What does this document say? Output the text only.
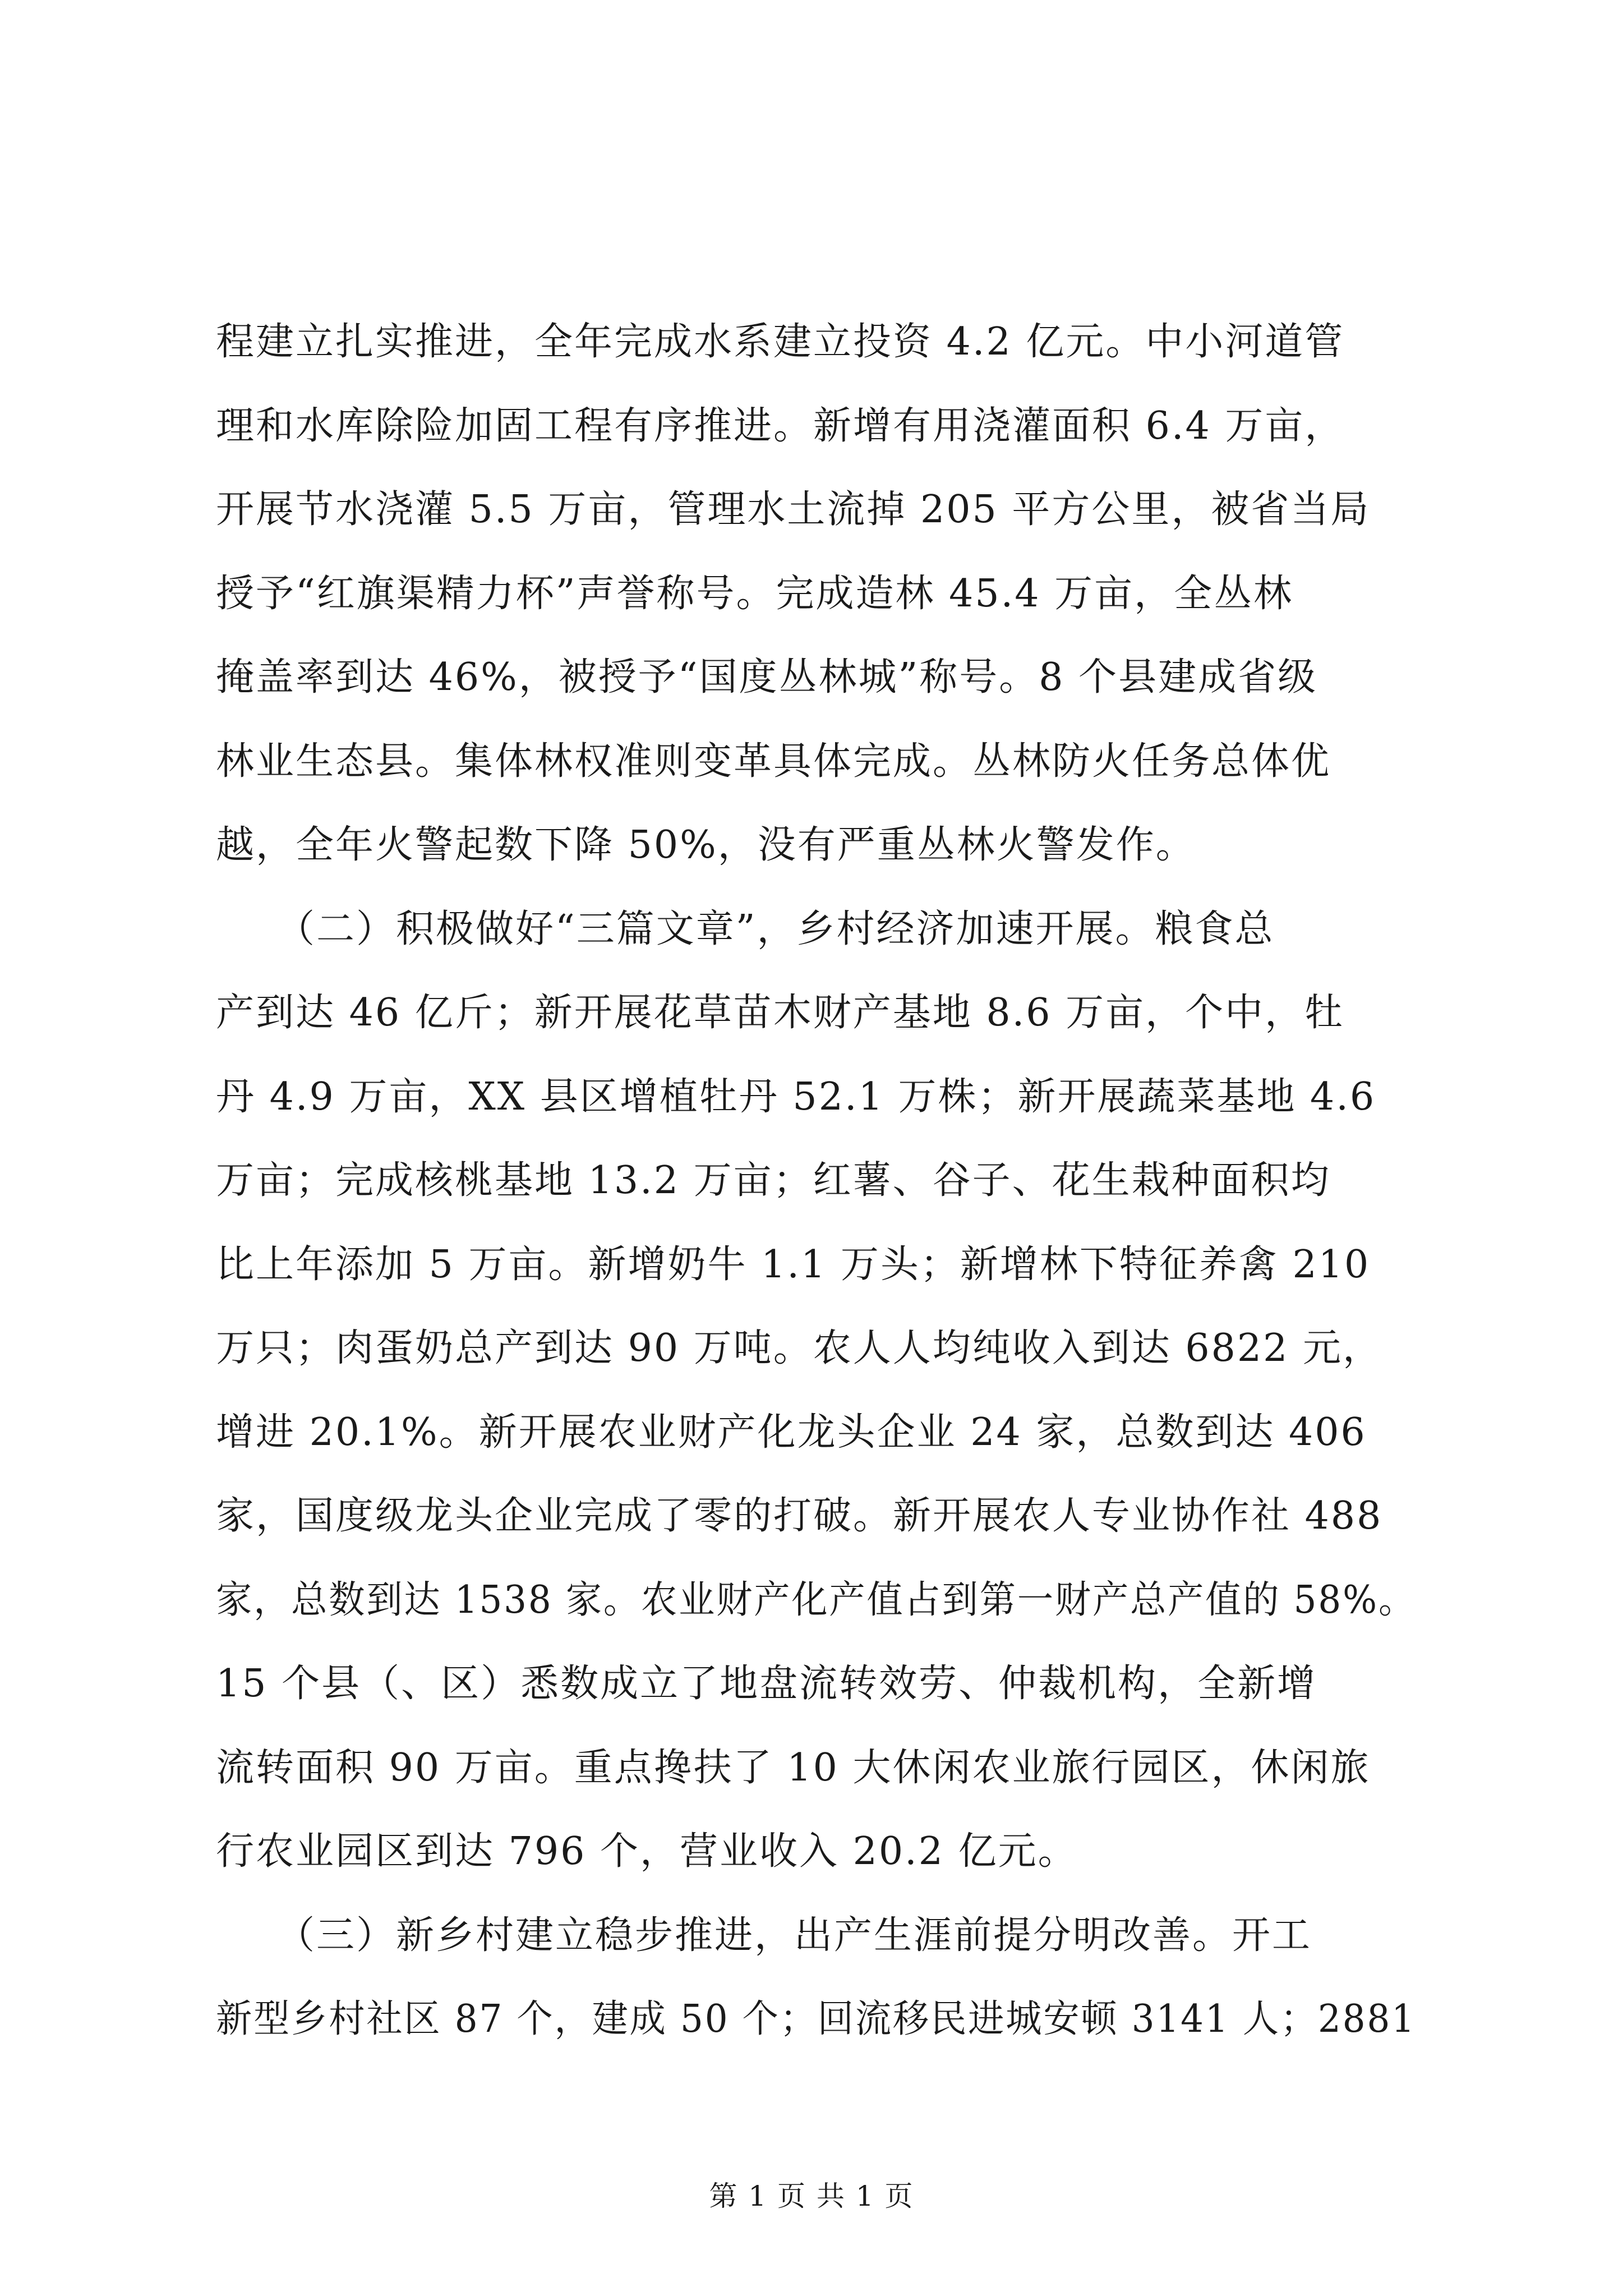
程建立扎实推进，全年完成水系建立投资 4.2 亿元。中小河道管
理和水库除险加固工程有序推进。新增有用浇灌面积 6.4 万亩，
开展节水浇灌 5.5 万亩，管理水土流掉 205 平方公里，被省当局
授予“红旗渠精力杯”声誉称号。完成造林 45.4 万亩，全丛林
掩盖率到达 46%，被授予“国度丛林城”称号。8 个县建成省级
林业生态县。集体林权准则变革具体完成。丛林防火任务总体优
越，全年火警起数下降 50%，没有严重丛林火警发作。
　　（二）积极做好“三篇文章”，乡村经济加速开展。粮食总
产到达 46 亿斤；新开展花草苗木财产基地 8.6 万亩，个中，牡
丹 4.9 万亩，XX 县区增植牡丹 52.1 万株；新开展蔬菜基地 4.6
万亩；完成核桃基地 13.2 万亩；红薯、谷子、花生栽种面积均
比上年添加 5 万亩。新增奶牛 1.1 万头；新增林下特征养禽 210
万只；肉蛋奶总产到达 90 万吨。农人人均纯收入到达 6822 元，
增进 20.1%。新开展农业财产化龙头企业 24 家，总数到达 406
家，国度级龙头企业完成了零的打破。新开展农人专业协作社 488
家，总数到达 1538 家。农业财产化产值占到第一财产总产值的 58%。
15 个县（、区）悉数成立了地盘流转效劳、仲裁机构，全新增
流转面积 90 万亩。重点搀扶了 10 大休闲农业旅行园区，休闲旅
行农业园区到达 796 个，营业收入 20.2 亿元。
　　（三）新乡村建立稳步推进，出产生涯前提分明改善。开工
新型乡村社区 87 个，建成 50 个；回流移民进城安顿 3141 人；2881
第 1 页 共 1 页
